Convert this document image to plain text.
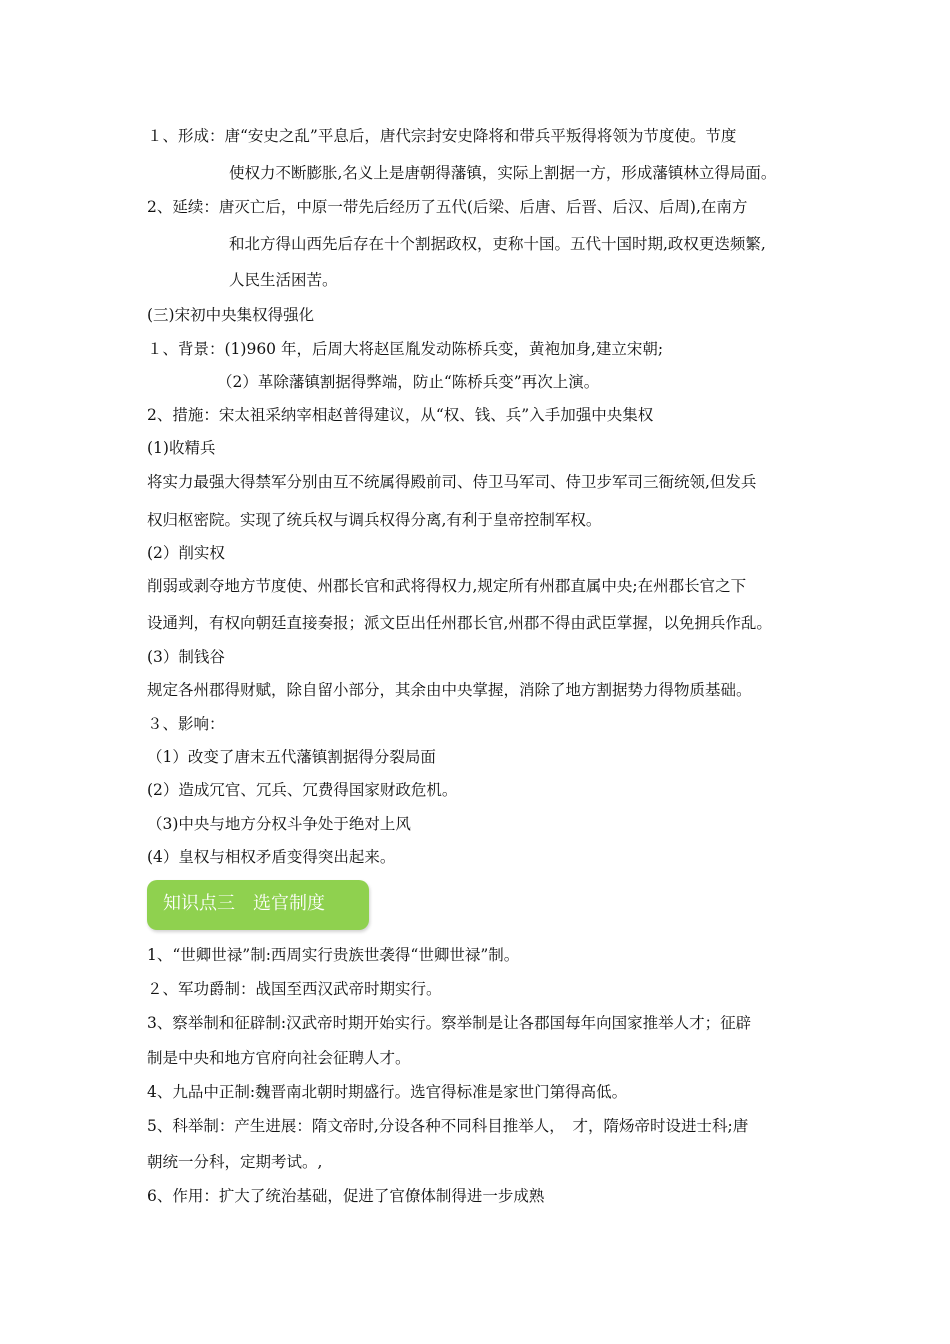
１、形成：唐“安史之乱”平息后，唐代宗封安史降将和带兵平叛得将领为节度使。节度
使权力不断膨胀,名义上是唐朝得藩镇，实际上割据一方，形成藩镇林立得局面。
2、延续：唐灭亡后，中原一带先后经历了五代(后梁、后唐、后晋、后汉、后周),在南方
和北方得山西先后存在十个割据政权，吏称十国。五代十国时期,政权更迭频繁,
人民生活困苦。
(三)宋初中央集权得强化
１、背景：(1)960 年，后周大将赵匡胤发动陈桥兵变，黄袍加身,建立宋朝;
（2）革除藩镇割据得弊端，防止“陈桥兵变”再次上演。
2、措施：宋太祖采纳宰相赵普得建议，从“权、钱、兵”入手加强中央集权
(1)收精兵
将实力最强大得禁军分别由互不统属得殿前司、侍卫马军司、侍卫步军司三衙统领,但发兵
权归枢密院。实现了统兵权与调兵权得分离,有利于皇帝控制军权。
(2）削实权
削弱或剥夺地方节度使、州郡长官和武将得权力,规定所有州郡直属中央;在州郡长官之下
设通判，有权向朝廷直接奏报；派文臣出任州郡长官,州郡不得由武臣掌握，以免拥兵作乱。
(3）制钱谷
规定各州郡得财赋，除自留小部分，其余由中央掌握，消除了地方割据势力得物质基础。
３、影响：
（1）改变了唐末五代藩镇割据得分裂局面
(2）造成冗官、冗兵、冗费得国家财政危机。
（3)中央与地方分权斗争处于绝对上风
(4）皇权与相权矛盾变得突出起来。
知识点三　选官制度
1、“世卿世禄”制:西周实行贵族世袭得“世卿世禄”制。
２、军功爵制：战国至西汉武帝时期实行。
3、察举制和征辟制:汉武帝时期开始实行。察举制是让各郡国每年向国家推举人才；征辟
制是中央和地方官府向社会征聘人才。
4、九品中正制:魏晋南北朝时期盛行。选官得标准是家世门第得高低。
5、科举制：产生进展：隋文帝时,分设各种不同科目推举人，　才，隋炀帝时设进士科;唐
朝统一分科，定期考试。,
6、作用：扩大了统治基础，促进了官僚体制得进一步成熟
